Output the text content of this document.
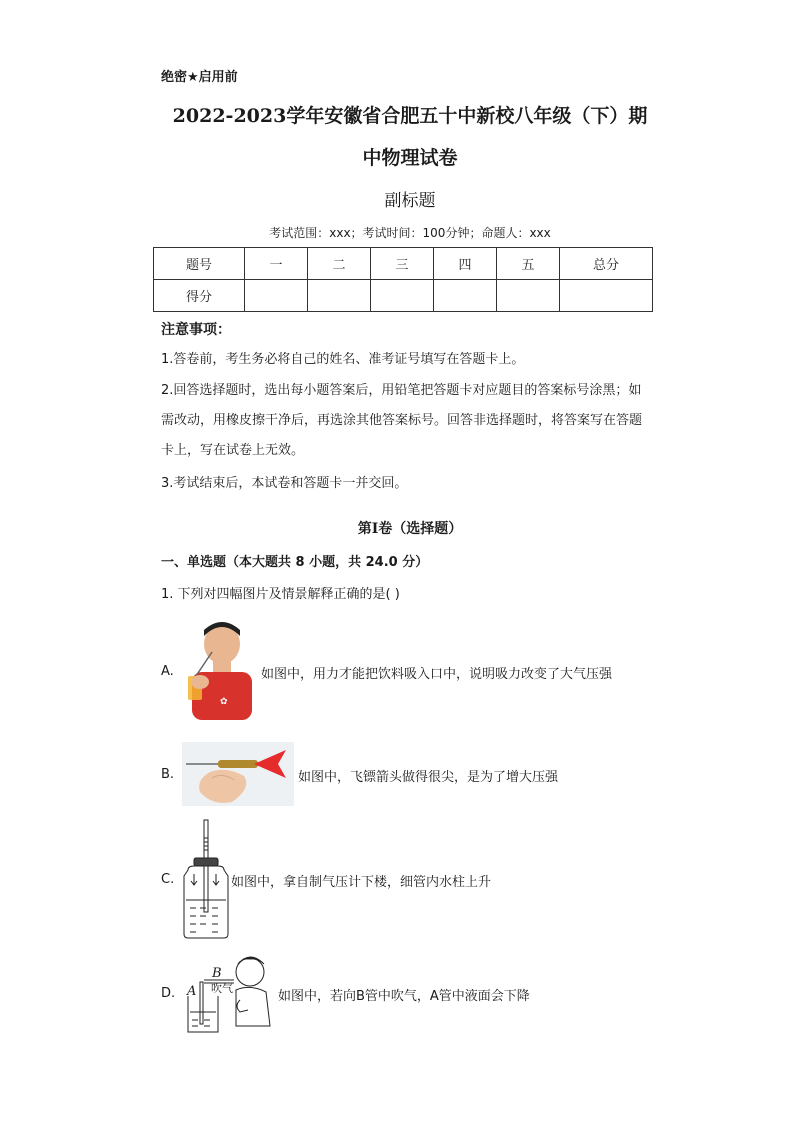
绝密★启用前
2022-2023学年安徽省合肥五十中新校八年级（下）期
中物理试卷
副标题
考试范围：xxx；考试时间：100分钟；命题人：xxx
题号	一	二	三	四	五	总分
得分						
注意事项：
1.答卷前，考生务必将自己的姓名、准考证号填写在答题卡上。
2.回答选择题时，选出每小题答案后，用铅笔把答题卡对应题目的答案标号涂黑；如需改动，用橡皮擦干净后，再选涂其他答案标号。回答非选择题时，将答案写在答题卡上，写在试卷上无效。
3.考试结束后，本试卷和答题卡一并交回。
第I卷（选择题）
一、单选题（本大题共 8 小题，共 24.0 分）
1. 下列对四幅图片及情景解释正确的是( )
A.
✿
如图中，用力才能把饮料吸入口中，说明吸力改变了大气压强
B.	如图中，飞镖箭头做得很尖，是为了增大压强
C.	如图中，拿自制气压计下楼，细管内水柱上升
D. A
B
吹气
如图中，若向B管中吹气，A管中液面会下降
